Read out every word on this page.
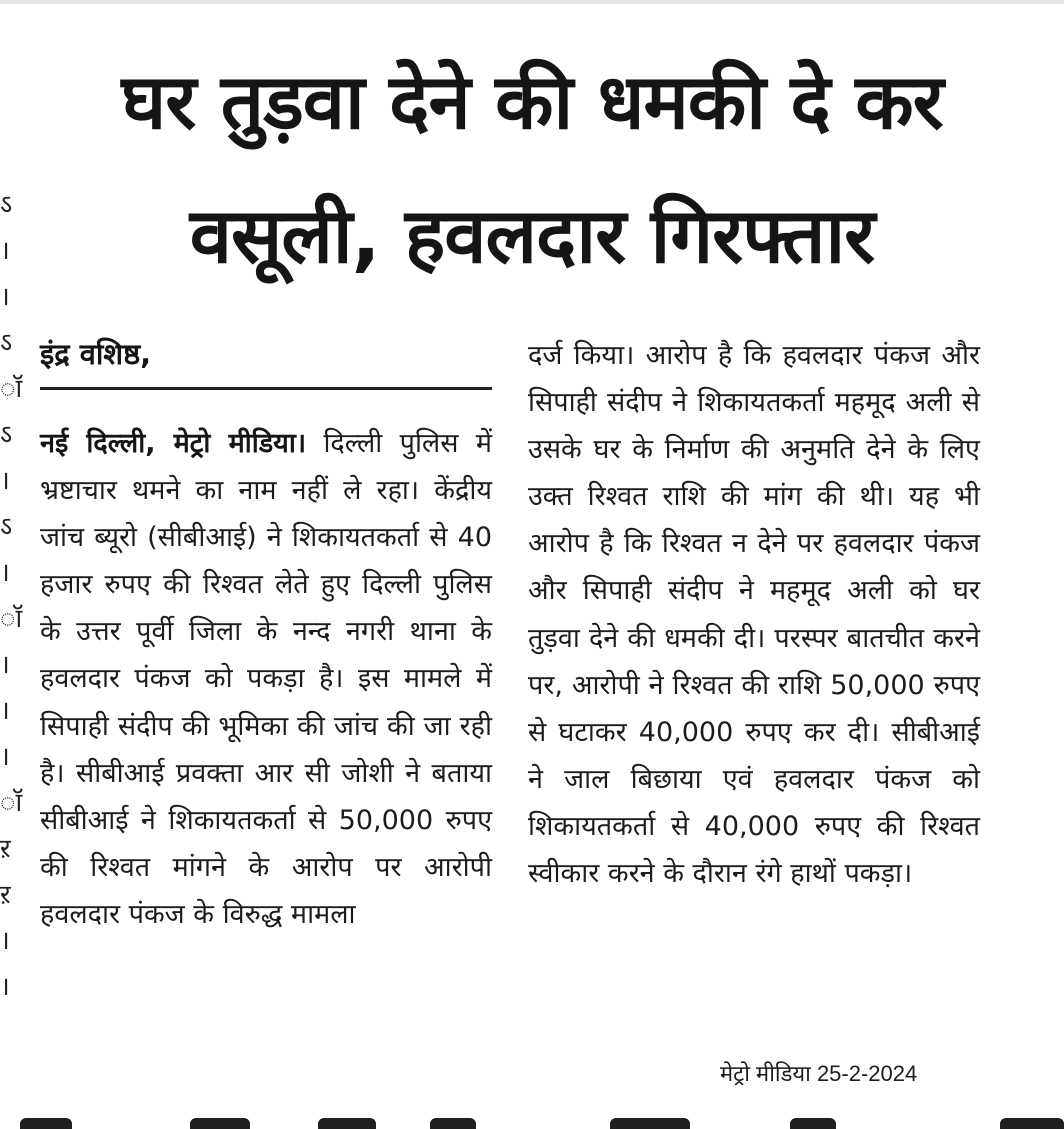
घर तुड़वा देने की धमकी दे कर
वसूली, हवलदार गिरफ्तार
ऽ
।
।
ऽ
ॉ
ऽ
।
ऽ
।
ॉ
।
।
।
ॉ
ऱ
ऱ
।
।
इंद्र वशिष्ठ,
नई दिल्ली, मेट्रो मीडिया। दिल्ली पुलिस में भ्रष्टाचार थमने का नाम नहीं ले रहा। केंद्रीय जांच ब्यूरो (सीबीआई) ने शिकायतकर्ता से 40 हजार रुपए की रिश्वत लेते हुए दिल्ली पुलिस के उत्तर पूर्वी जिला के नन्द नगरी थाना के हवलदार पंकज को पकड़ा है। इस मामले में सिपाही संदीप की भूमिका की जांच की जा रही है। सीबीआई प्रवक्ता आर सी जोशी ने बताया सीबीआई ने शिकायतकर्ता से 50,000 रुपए की रिश्वत मांगने के आरोप पर आरोपी हवलदार पंकज के विरुद्ध मामला
दर्ज किया। आरोप है कि हवलदार पंकज और सिपाही संदीप ने शिकायतकर्ता महमूद अली से उसके घर के निर्माण की अनुमति देने के लिए उक्त रिश्वत राशि की मांग की थी। यह भी आरोप है कि रिश्वत न देने पर हवलदार पंकज और सिपाही संदीप ने महमूद अली को घर तुड़वा देने की धमकी दी। परस्पर बातचीत करने पर, आरोपी ने रिश्वत की राशि 50,000 रुपए से घटाकर 40,000 रुपए कर दी। सीबीआई ने जाल बिछाया एवं हवलदार पंकज को शिकायतकर्ता से 40,000 रुपए की रिश्वत स्वीकार करने के दौरान रंगे हाथों पकड़ा।
मेट्रो मीडिया 25-2-2024
